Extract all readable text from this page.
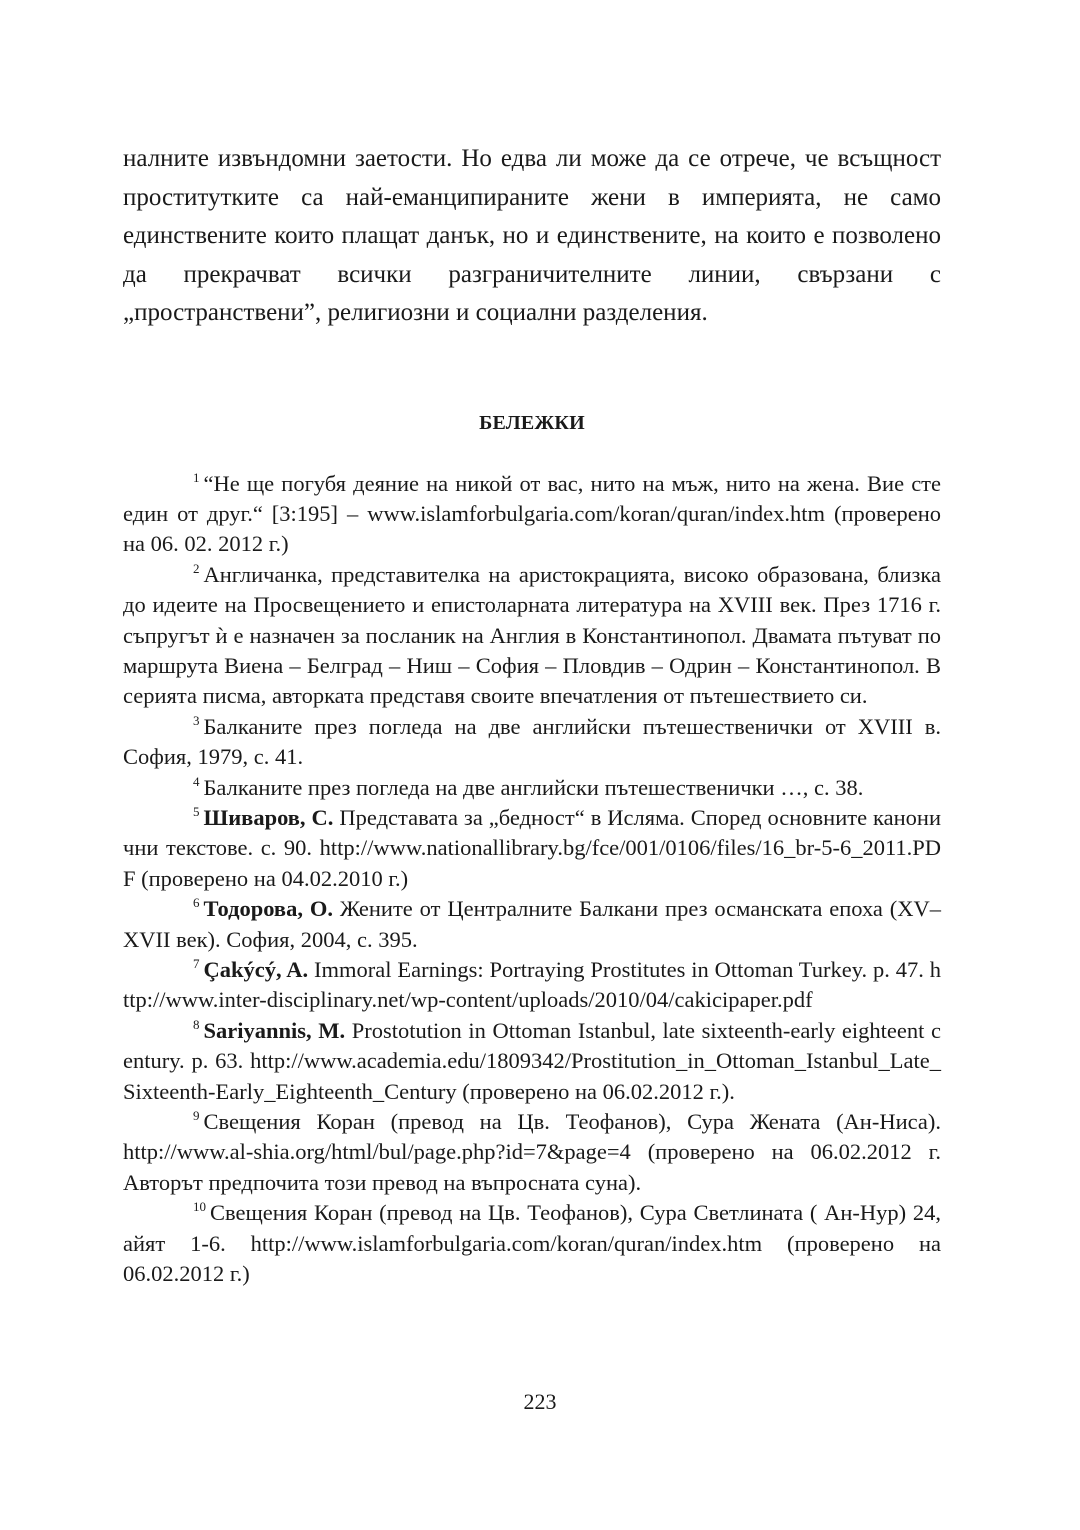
налните извъндомни заетости. Но едва ли може да се отрече, че всъщност проститутките са най-еманципираните жени в империята, не само единствените които плащат данък, но и единствените, на които е позволено да прекрачват всички разграничителните линии, свързани с „пространствени”, религиозни и социални разделения.

БЕЛЕЖКИ

$^1$ “Не ще погубя деяние на никой от вас, нито на мъж, нито на жена. Вие сте един от друг.“ [3:195] – www.islamforbulgaria.com/koran/quran/index.htm (проверено на 06. 02. 2012 г.)

$^2$ Англичанка, представителка на аристокрацията, високо образована, близка до идеите на Просвещението и епистоларната литература на XVIII век. През 1716 г. съпругът ѝ е назначен за посланик на Англия в Константинопол. Двамата пътуват по маршрута Виена – Белград – Ниш – София – Пловдив – Одрин – Константинопол. В серията писма, авторката представя своите впечатления от пътешествието си.

$^3$ Балканите през погледа на две английски пътешественички от XVIII в. София, 1979, с. 41.

$^4$ Балканите през погледа на две английски пътешественички …, с. 38.

$^5$ Шиваров, С. Представата за „бедност“ в Исляма. Според основните канонични текстове. с. 90. http://www.nationallibrary.bg/fce/001/0106/files/16_br-5-6_2011.PDF (проверено на 04.02.2010 г.)

$^6$ Тодорова, О. Жените от Централните Балкани през османската епоха (XV–XVII век). София, 2004, с. 395.

$^7$ Çakýcý, A. Immoral Earnings: Portraying Prostitutes in Ottoman Turkey. p. 47. http://www.inter-disciplinary.net/wp-content/uploads/2010/04/cakicipaper.pdf

$^8$ Sariyannis, M. Prostotution in Ottoman Istanbul, late sixteenth-early eighteent century. p. 63. http://www.academia.edu/1809342/Prostitution_in_Ottoman_Istanbul_Late_Sixteenth-Early_Eighteenth_Century (проверено на 06.02.2012 г.).

$^9$ Свещения Коран (превод на Цв. Теофанов), Сура Жената (Ан-Ниса). http://www.al-shia.org/html/bul/page.php?id=7&page=4 (проверено на 06.02.2012 г. Авторът предпочита този превод на въпросната суна).

$^{10}$ Свещения Коран (превод на Цв. Теофанов), Сура Светлината ( Ан-Нур) 24, айят 1-6. http://www.islamforbulgaria.com/koran/quran/index.htm (проверено на 06.02.2012 г.)

223
